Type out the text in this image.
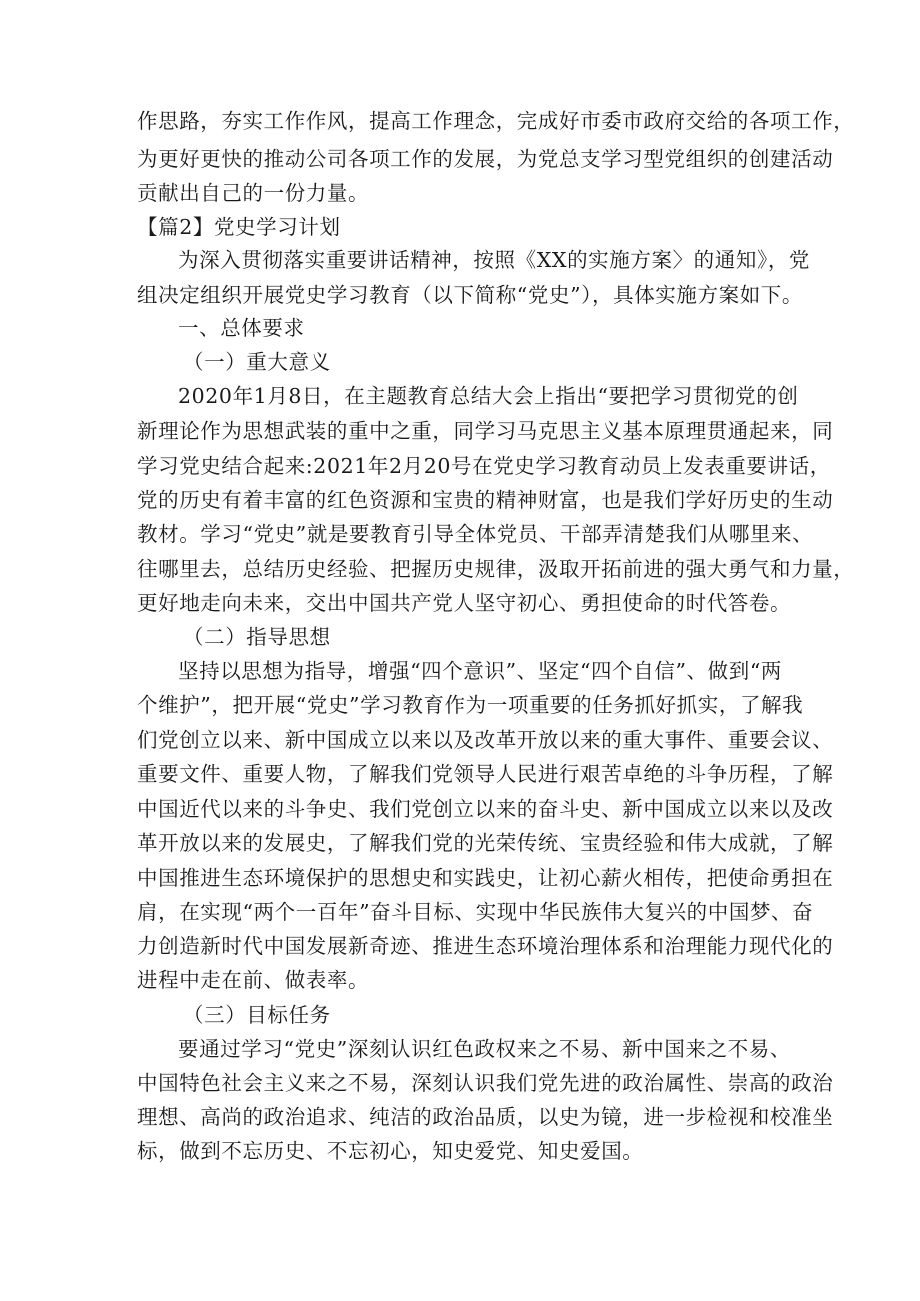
作思路，夯实工作作风，提高工作理念，完成好市委市政府交给的各项工作，
为更好更快的推动公司各项工作的发展，为党总支学习型党组织的创建活动
贡献出自己的一份力量。
【篇2】党史学习计划
为深入贯彻落实重要讲话精神，按照《XX的实施方案〉的通知》，党
组决定组织开展党史学习教育（以下简称“党史”），具体实施方案如下。
一、总体要求
（一）重大意义
2020年1月8日，在主题教育总结大会上指出“要把学习贯彻党的创
新理论作为思想武装的重中之重，同学习马克思主义基本原理贯通起来，同
学习党史结合起来:2021年2月20号在党史学习教育动员上发表重要讲话，
党的历史有着丰富的红色资源和宝贵的精神财富，也是我们学好历史的生动
教材。学习“党史”就是要教育引导全体党员、干部弄清楚我们从哪里来、
往哪里去，总结历史经验、把握历史规律，汲取开拓前进的强大勇气和力量，
更好地走向未来，交出中国共产党人坚守初心、勇担使命的时代答卷。
（二）指导思想
坚持以思想为指导，增强“四个意识”、坚定“四个自信”、做到“两
个维护”，把开展“党史”学习教育作为一项重要的任务抓好抓实，了解我
们党创立以来、新中国成立以来以及改革开放以来的重大事件、重要会议、
重要文件、重要人物，了解我们党领导人民进行艰苦卓绝的斗争历程，了解
中国近代以来的斗争史、我们党创立以来的奋斗史、新中国成立以来以及改
革开放以来的发展史，了解我们党的光荣传统、宝贵经验和伟大成就，了解
中国推进生态环境保护的思想史和实践史，让初心薪火相传，把使命勇担在
肩，在实现“两个一百年”奋斗目标、实现中华民族伟大复兴的中国梦、奋
力创造新时代中国发展新奇迹、推进生态环境治理体系和治理能力现代化的
进程中走在前、做表率。
（三）目标任务
要通过学习“党史”深刻认识红色政权来之不易、新中国来之不易、
中国特色社会主义来之不易，深刻认识我们党先进的政治属性、崇高的政治
理想、高尚的政治追求、纯洁的政治品质，以史为镜，进一步检视和校准坐
标，做到不忘历史、不忘初心，知史爱党、知史爱国。
